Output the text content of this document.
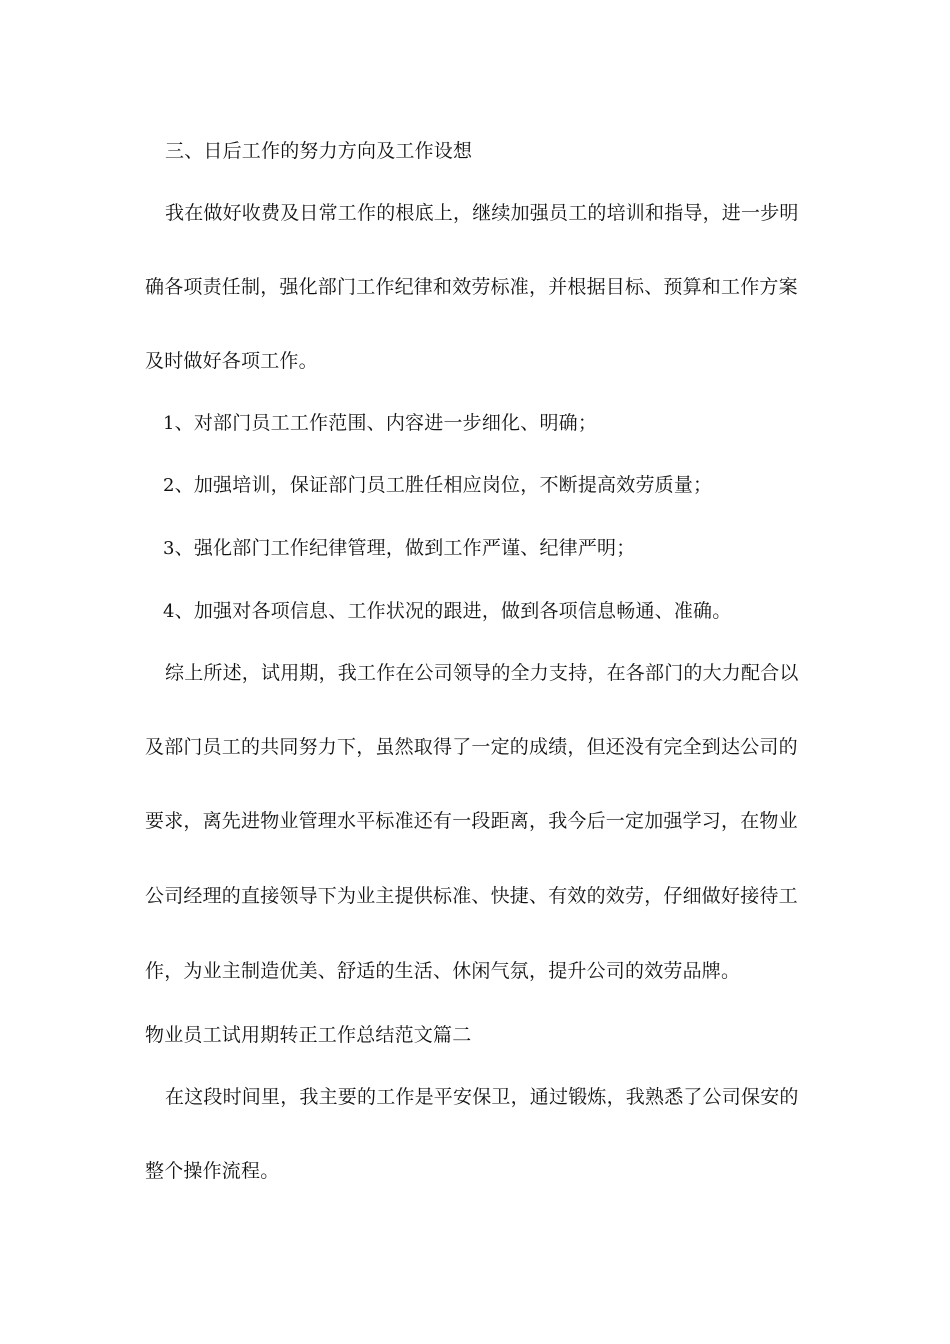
三、日后工作的努力方向及工作设想
我在做好收费及日常工作的根底上，继续加强员工的培训和指导，进一步明
确各项责任制，强化部门工作纪律和效劳标准，并根据目标、预算和工作方案
及时做好各项工作。
1、对部门员工工作范围、内容进一步细化、明确；
2、加强培训，保证部门员工胜任相应岗位，不断提高效劳质量；
3、强化部门工作纪律管理，做到工作严谨、纪律严明；
4、加强对各项信息、工作状况的跟进，做到各项信息畅通、准确。
综上所述，试用期，我工作在公司领导的全力支持，在各部门的大力配合以
及部门员工的共同努力下，虽然取得了一定的成绩，但还没有完全到达公司的
要求，离先进物业管理水平标准还有一段距离，我今后一定加强学习，在物业
公司经理的直接领导下为业主提供标准、快捷、有效的效劳，仔细做好接待工
作，为业主制造优美、舒适的生活、休闲气氛，提升公司的效劳品牌。
物业员工试用期转正工作总结范文篇二
在这段时间里，我主要的工作是平安保卫，通过锻炼，我熟悉了公司保安的
整个操作流程。
